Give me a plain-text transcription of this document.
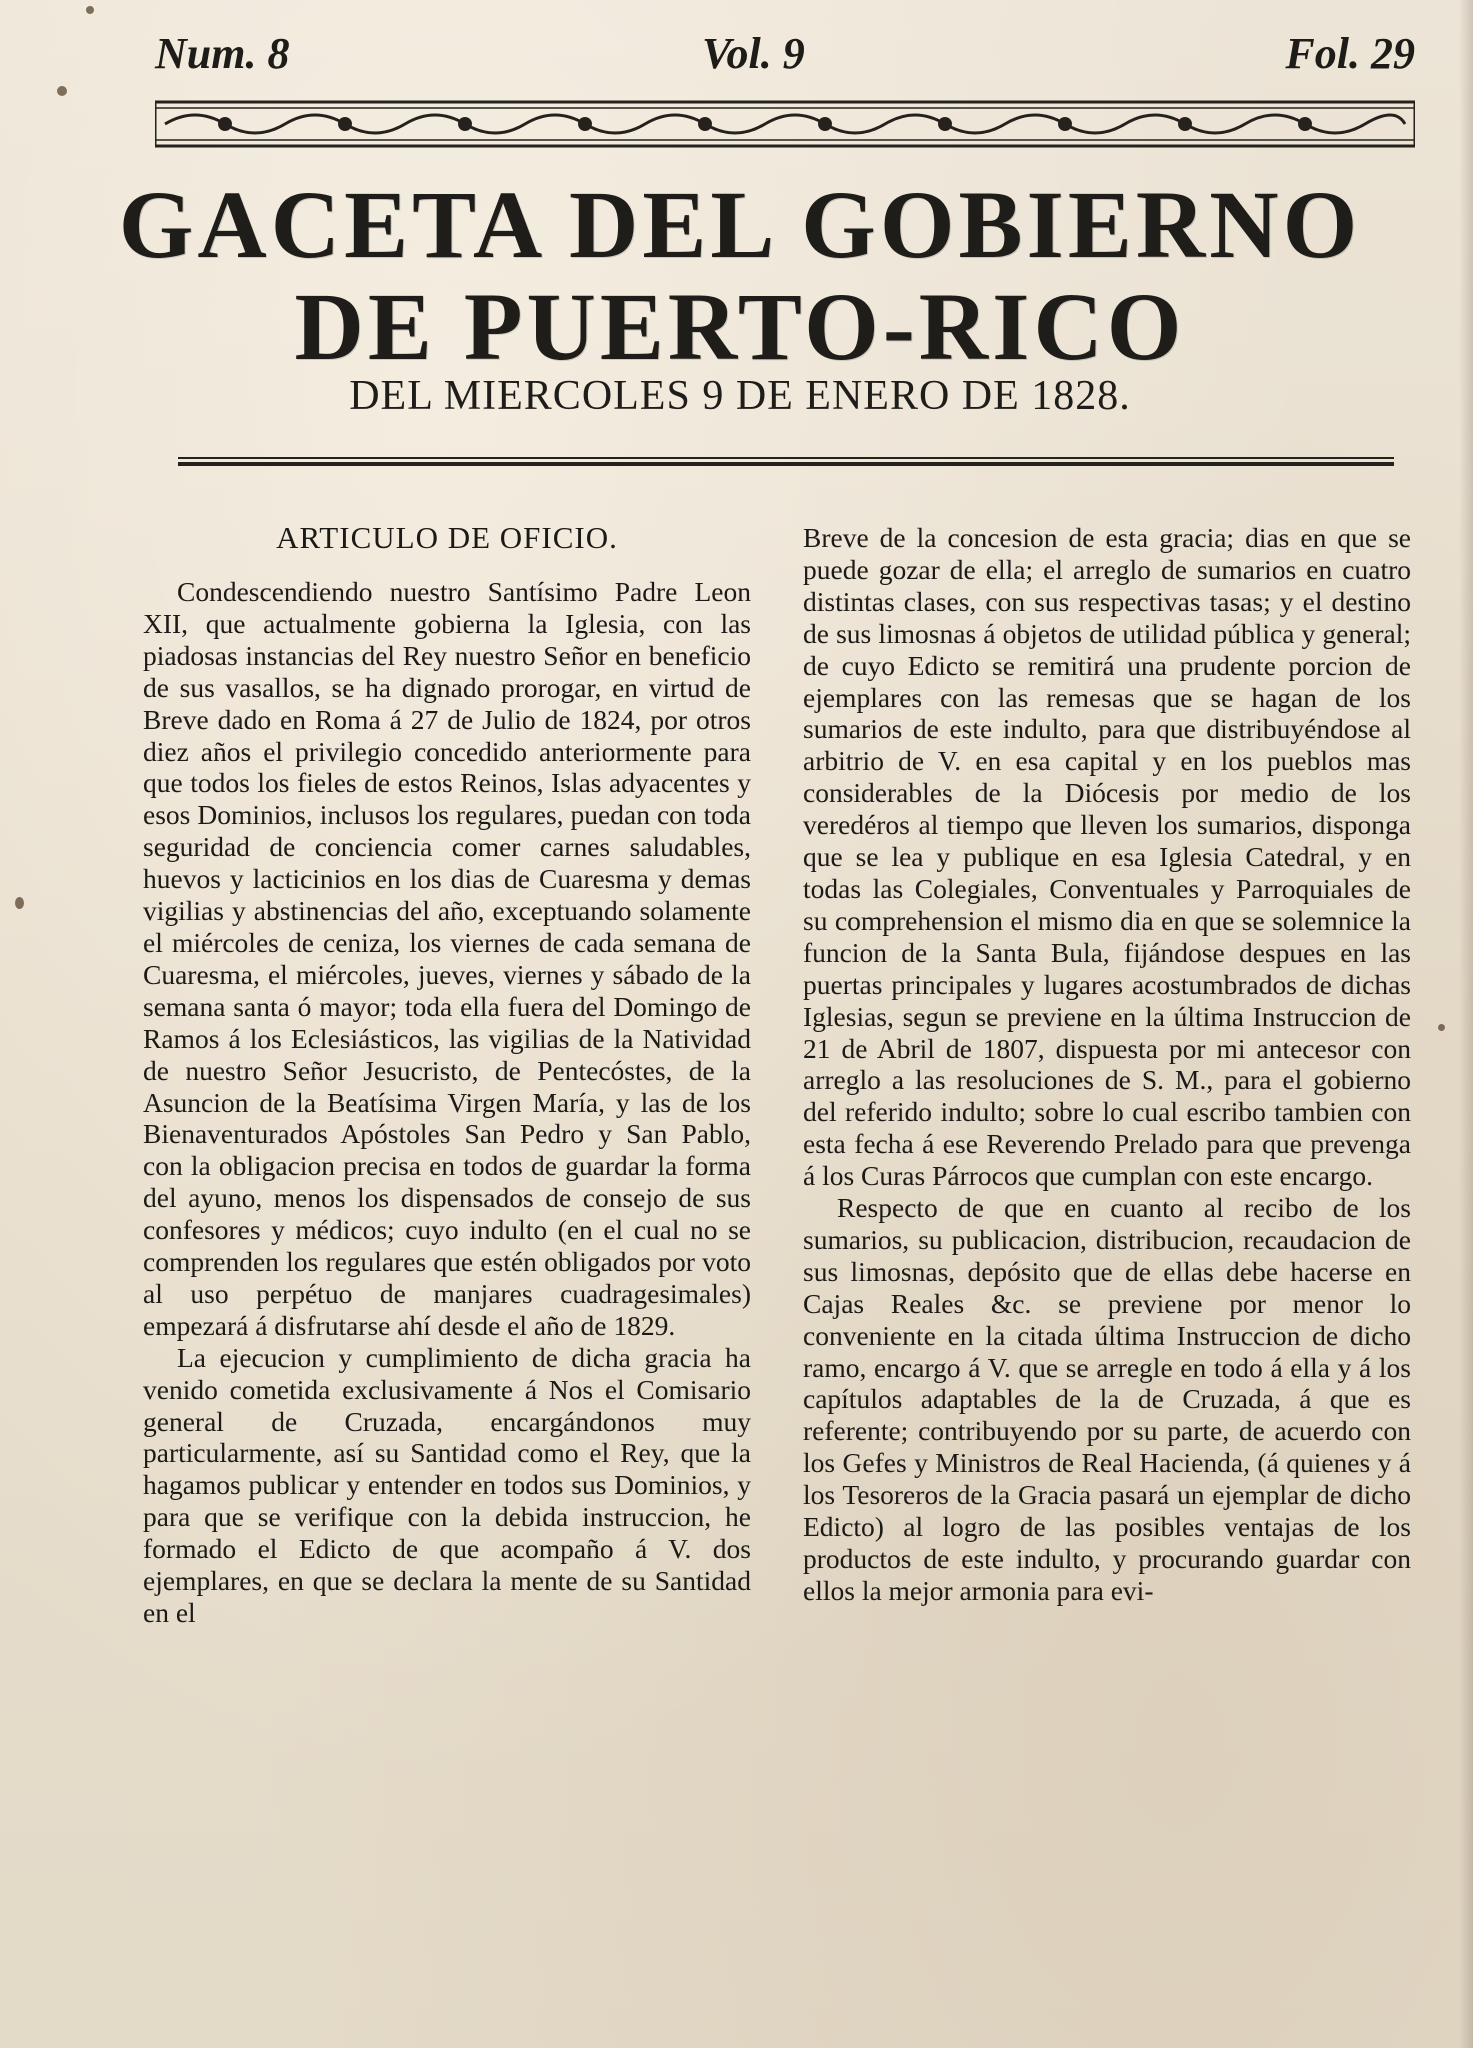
Num. 8	Vol. 9	Fol. 29
GACETA DEL GOBIERNO
DE PUERTO-RICO
DEL MIERCOLES 9 DE ENERO DE 1828.
ARTICULO DE OFICIO.

Condescendiendo nuestro Santísimo Padre Leon XII, que actualmente gobierna la Iglesia, con las piadosas instancias del Rey nuestro Señor en beneficio de sus vasallos, se ha dignado prorogar, en virtud de Breve dado en Roma á 27 de Julio de 1824, por otros diez años el privilegio concedido anteriormente para que todos los fieles de estos Reinos, Islas adyacentes y esos Dominios, inclusos los regulares, puedan con toda seguridad de conciencia comer carnes saludables, huevos y lacticinios en los dias de Cuaresma y demas vigilias y abstinencias del año, exceptuando solamente el miércoles de ceniza, los viernes de cada semana de Cuaresma, el miércoles, jueves, viernes y sábado de la semana santa ó mayor; toda ella fuera del Domingo de Ramos á los Eclesiásticos, las vigilias de la Natividad de nuestro Señor Jesucristo, de Pentecóstes, de la Asuncion de la Beatísima Virgen María, y las de los Bienaventurados Apóstoles San Pedro y San Pablo, con la obligacion precisa en todos de guardar la forma del ayuno, menos los dispensados de consejo de sus confesores y médicos; cuyo indulto (en el cual no se comprenden los regulares que estén obligados por voto al uso perpétuo de manjares cuadragesimales) empezará á disfrutarse ahí desde el año de 1829.

La ejecucion y cumplimiento de dicha gracia ha venido cometida exclusivamente á Nos el Comisario general de Cruzada, encargándonos muy particularmente, así su Santidad como el Rey, que la hagamos publicar y entender en todos sus Dominios, y para que se verifique con la debida instruccion, he formado el Edicto de que acompaño á V. dos ejemplares, en que se declara la mente de su Santidad en el

Breve de la concesion de esta gracia; dias en que se puede gozar de ella; el arreglo de sumarios en cuatro distintas clases, con sus respectivas tasas; y el destino de sus limosnas á objetos de utilidad pública y general; de cuyo Edicto se remitirá una prudente porcion de ejemplares con las remesas que se hagan de los sumarios de este indulto, para que distribuyéndose al arbitrio de V. en esa capital y en los pueblos mas considerables de la Diócesis por medio de los veredéros al tiempo que lleven los sumarios, disponga que se lea y publique en esa Iglesia Catedral, y en todas las Colegiales, Conventuales y Parroquiales de su comprehension el mismo dia en que se solemnice la funcion de la Santa Bula, fijándose despues en las puertas principales y lugares acostumbrados de dichas Iglesias, segun se previene en la última Instruccion de 21 de Abril de 1807, dispuesta por mi antecesor con arreglo a las resoluciones de S. M., para el gobierno del referido indulto; sobre lo cual escribo tambien con esta fecha á ese Reverendo Prelado para que prevenga á los Curas Párrocos que cumplan con este encargo.

Respecto de que en cuanto al recibo de los sumarios, su publicacion, distribucion, recaudacion de sus limosnas, depósito que de ellas debe hacerse en Cajas Reales &c. se previene por menor lo conveniente en la citada última Instruccion de dicho ramo, encargo á V. que se arregle en todo á ella y á los capítulos adaptables de la de Cruzada, á que es referente; contribuyendo por su parte, de acuerdo con los Gefes y Ministros de Real Hacienda, (á quienes y á los Tesoreros de la Gracia pasará un ejemplar de dicho Edicto) al logro de las posibles ventajas de los productos de este indulto, y procurando guardar con ellos la mejor armonia para evi-
